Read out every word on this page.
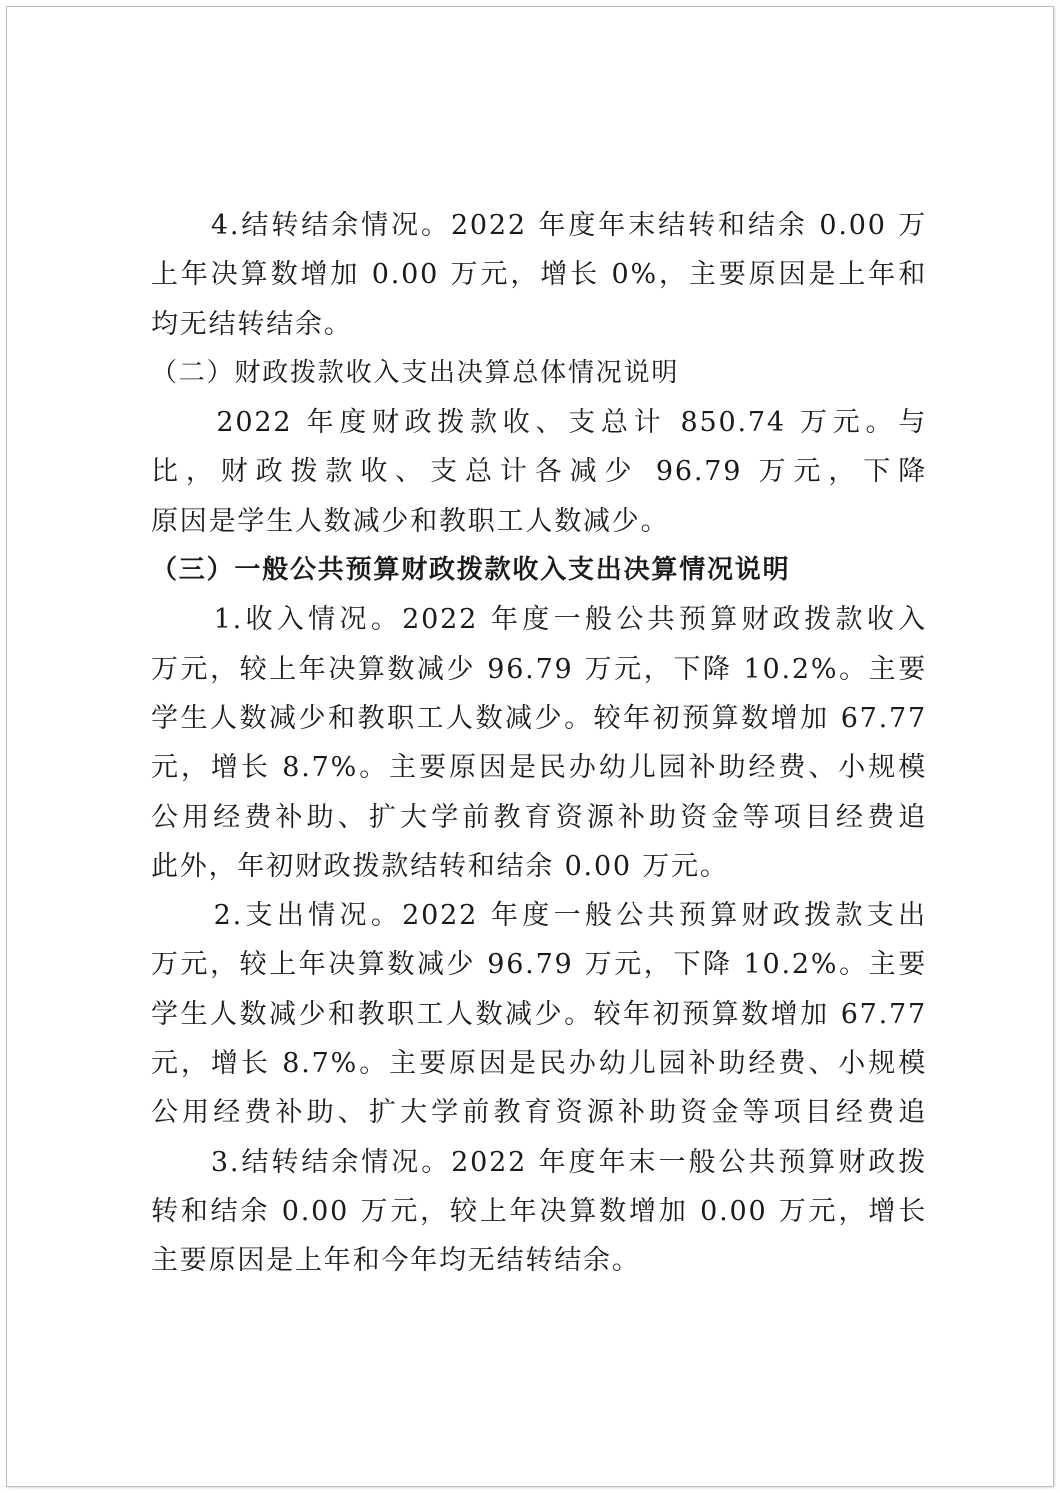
　　4.结转结余情况。2022 年度年末结转和结余 0.00 万
上年决算数增加 0.00 万元，增长 0%，主要原因是上年和
均无结转结余。
（二）财政拨款收入支出决算总体情况说明
　　2022 年度财政拨款收、支总计 850.74 万元。与
比，财政拨款收、支总计各减少 96.79 万元，下降
原因是学生人数减少和教职工人数减少。
（三）一般公共预算财政拨款收入支出决算情况说明
　　1.收入情况。2022 年度一般公共预算财政拨款收入
万元，较上年决算数减少 96.79 万元，下降 10.2%。主要
学生人数减少和教职工人数减少。较年初预算数增加 67.77
元，增长 8.7%。主要原因是民办幼儿园补助经费、小规模
公用经费补助、扩大学前教育资源补助资金等项目经费追
此外，年初财政拨款结转和结余 0.00 万元。
　　2.支出情况。2022 年度一般公共预算财政拨款支出
万元，较上年决算数减少 96.79 万元，下降 10.2%。主要
学生人数减少和教职工人数减少。较年初预算数增加 67.77
元，增长 8.7%。主要原因是民办幼儿园补助经费、小规模
公用经费补助、扩大学前教育资源补助资金等项目经费追
　　3.结转结余情况。2022 年度年末一般公共预算财政拨
转和结余 0.00 万元，较上年决算数增加 0.00 万元，增长
主要原因是上年和今年均无结转结余。
